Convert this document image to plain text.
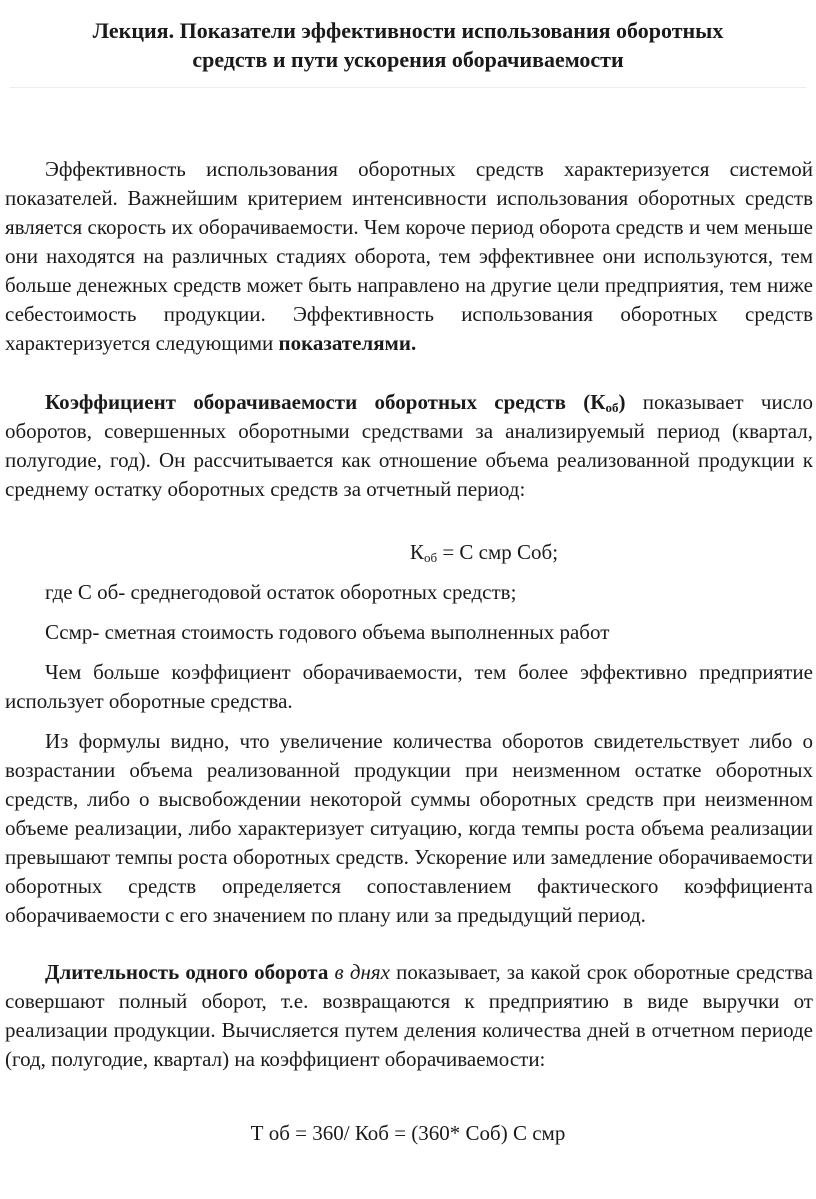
Лекция. Показатели эффективности использования оборотных
средств и пути ускорения оборачиваемости

Эффективность использования оборотных средств характеризуется системой показателей. Важнейшим критерием интенсивности использования оборотных средств является скорость их оборачиваемости. Чем короче период оборота средств и чем меньше они находятся на различных стадиях оборота, тем эффективнее они используются, тем больше денежных средств может быть направлено на другие цели предприятия, тем ниже себестоимость продукции. Эффективность использования оборотных средств характеризуется следующими показателями.

Коэффициент оборачиваемости оборотных средств $(К_{об})$ показывает число оборотов, совершенных оборотными средствами за анализируемый период (квартал, полугодие, год). Он рассчитывается как отношение объема реализованной продукции к среднему остатку оборотных средств за отчетный период:

$К_{об} = С$ смр Соб;

где С об- среднегодовой остаток оборотных средств;

Ссмр- сметная стоимость годового объема выполненных работ

Чем больше коэффициент оборачиваемости, тем более эффективно предприятие использует оборотные средства.

Из формулы видно, что увеличение количества оборотов свидетельствует либо о возрастании объема реализованной продукции при неизменном остатке оборотных средств, либо о высвобождении некоторой суммы оборотных средств при неизменном объеме реализации, либо характеризует ситуацию, когда темпы роста объема реализации превышают темпы роста оборотных средств. Ускорение или замедление оборачиваемости оборотных средств определяется сопоставлением фактического коэффициента оборачиваемости с его значением по плану или за предыдущий период.

Длительность одного оборота в днях показывает, за какой срок оборотные средства совершают полный оборот, т.е. возвращаются к предприятию в виде выручки от реализации продукции. Вычисляется путем деления количества дней в отчетном периоде (год, полугодие, квартал) на коэффициент оборачиваемости:

Т об = 360/ Коб = (360* Соб) С смр
